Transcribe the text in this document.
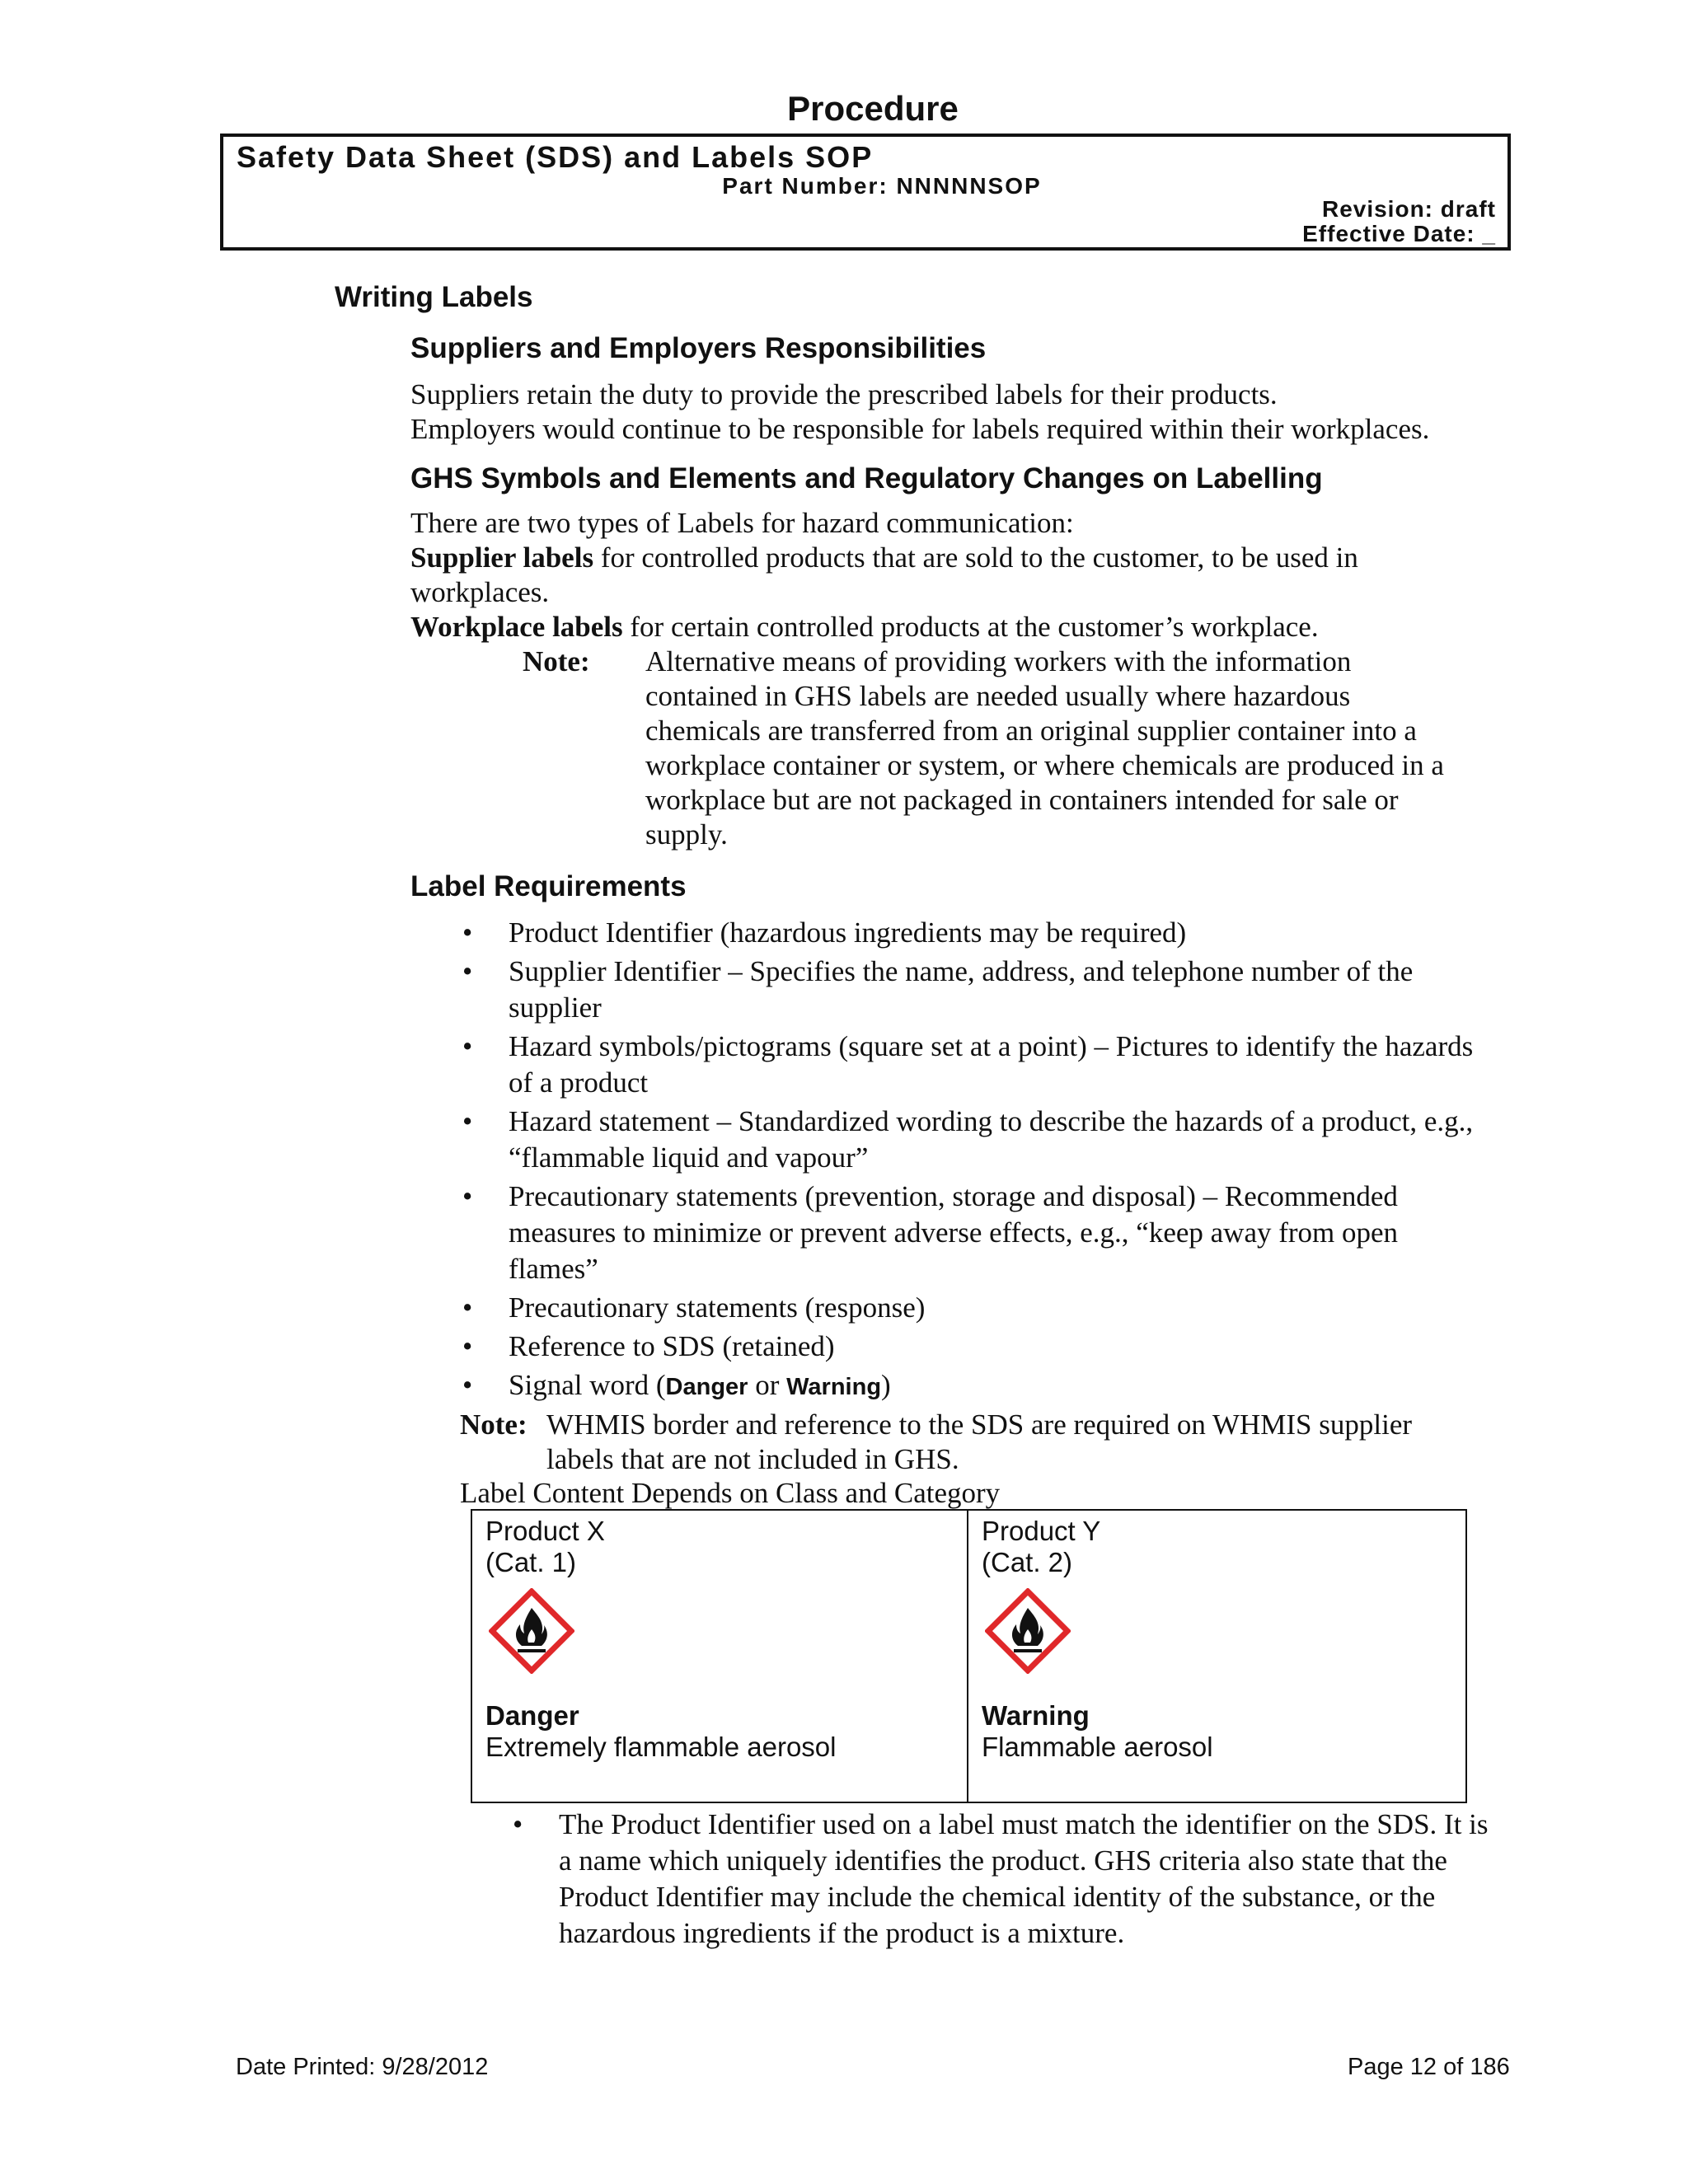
Procedure
Safety Data Sheet (SDS) and Labels SOP
Part Number: NNNNNSOP
Revision: draft
Effective Date: _
Writing Labels
Suppliers and Employers Responsibilities
Suppliers retain the duty to provide the prescribed labels for their products.
Employers would continue to be responsible for labels required within their workplaces.
GHS Symbols and Elements and Regulatory Changes on Labelling
There are two types of Labels for hazard communication:
Supplier labels for controlled products that are sold to the customer, to be used in workplaces.
Workplace labels for certain controlled products at the customer’s workplace.
Note: Alternative means of providing workers with the information contained in GHS labels are needed usually where hazardous chemicals are transferred from an original supplier container into a workplace container or system, or where chemicals are produced in a workplace but are not packaged in containers intended for sale or supply.
Label Requirements
• Product Identifier (hazardous ingredients may be required)
• Supplier Identifier – Specifies the name, address, and telephone number of the supplier
• Hazard symbols/pictograms (square set at a point) – Pictures to identify the hazards of a product
• Hazard statement – Standardized wording to describe the hazards of a product, e.g., “flammable liquid and vapour”
• Precautionary statements (prevention, storage and disposal) – Recommended measures to minimize or prevent adverse effects, e.g., “keep away from open flames”
• Precautionary statements (response)
• Reference to SDS (retained)
• Signal word (Danger or Warning)
Note: WHMIS border and reference to the SDS are required on WHMIS supplier labels that are not included in GHS.
Label Content Depends on Class and Category
Product X
(Cat. 1)
Danger
Extremely flammable aerosol
Product Y
(Cat. 2)
Warning
Flammable aerosol
• The Product Identifier used on a label must match the identifier on the SDS. It is a name which uniquely identifies the product. GHS criteria also state that the Product Identifier may include the chemical identity of the substance, or the hazardous ingredients if the product is a mixture.
Date Printed: 9/28/2012	Page 12 of 186
